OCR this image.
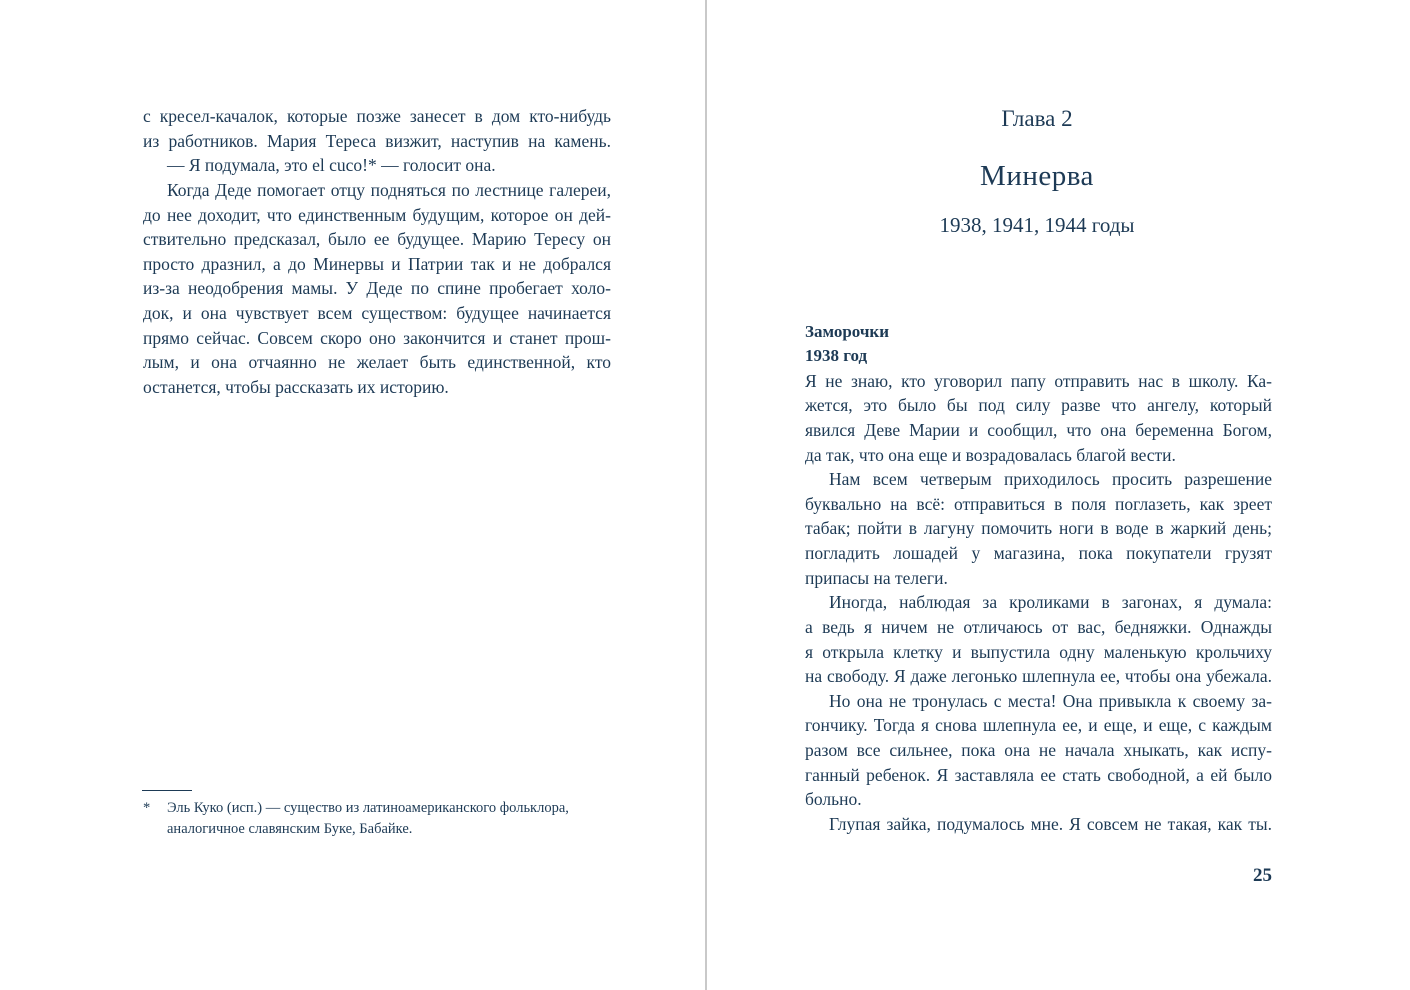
с кресел-качалок, которые позже занесет в дом кто-нибудь
из работников. Мария Тереса визжит, наступив на камень.
— Я подумала, это el cuco!* — голосит она.
Когда Деде помогает отцу подняться по лестнице галереи,
до нее доходит, что единственным будущим, которое он дей-
ствительно предсказал, было ее будущее. Марию Тересу он
просто дразнил, а до Минервы и Патрии так и не добрался
из-за неодобрения мамы. У Деде по спине пробегает холо-
док, и она чувствует всем существом: будущее начинается
прямо сейчас. Совсем скоро оно закончится и станет прош-
лым, и она отчаянно не желает быть единственной, кто
останется, чтобы рассказать их историю.
* Эль Куко (исп.) — существо из латиноамериканского фольклора,
аналогичное славянским Буке, Бабайке.
Глава 2
Минерва
1938, 1941, 1944 годы
Заморочки
1938 год
Я не знаю, кто уговорил папу отправить нас в школу. Ка-
жется, это было бы под силу разве что ангелу, который
явился Деве Марии и сообщил, что она беременна Богом,
да так, что она еще и возрадовалась благой вести.
Нам всем четверым приходилось просить разрешение
буквально на всё: отправиться в поля поглазеть, как зреет
табак; пойти в лагуну помочить ноги в воде в жаркий день;
погладить лошадей у магазина, пока покупатели грузят
припасы на телеги.
Иногда, наблюдая за кроликами в загонах, я думала:
а ведь я ничем не отличаюсь от вас, бедняжки. Однажды
я открыла клетку и выпустила одну маленькую крольчиху
на свободу. Я даже легонько шлепнула ее, чтобы она убежала.
Но она не тронулась с места! Она привыкла к своему за-
гончику. Тогда я снова шлепнула ее, и еще, и еще, с каждым
разом все сильнее, пока она не начала хныкать, как испу-
ганный ребенок. Я заставляла ее стать свободной, а ей было
больно.
Глупая зайка, подумалось мне. Я совсем не такая, как ты.
25
